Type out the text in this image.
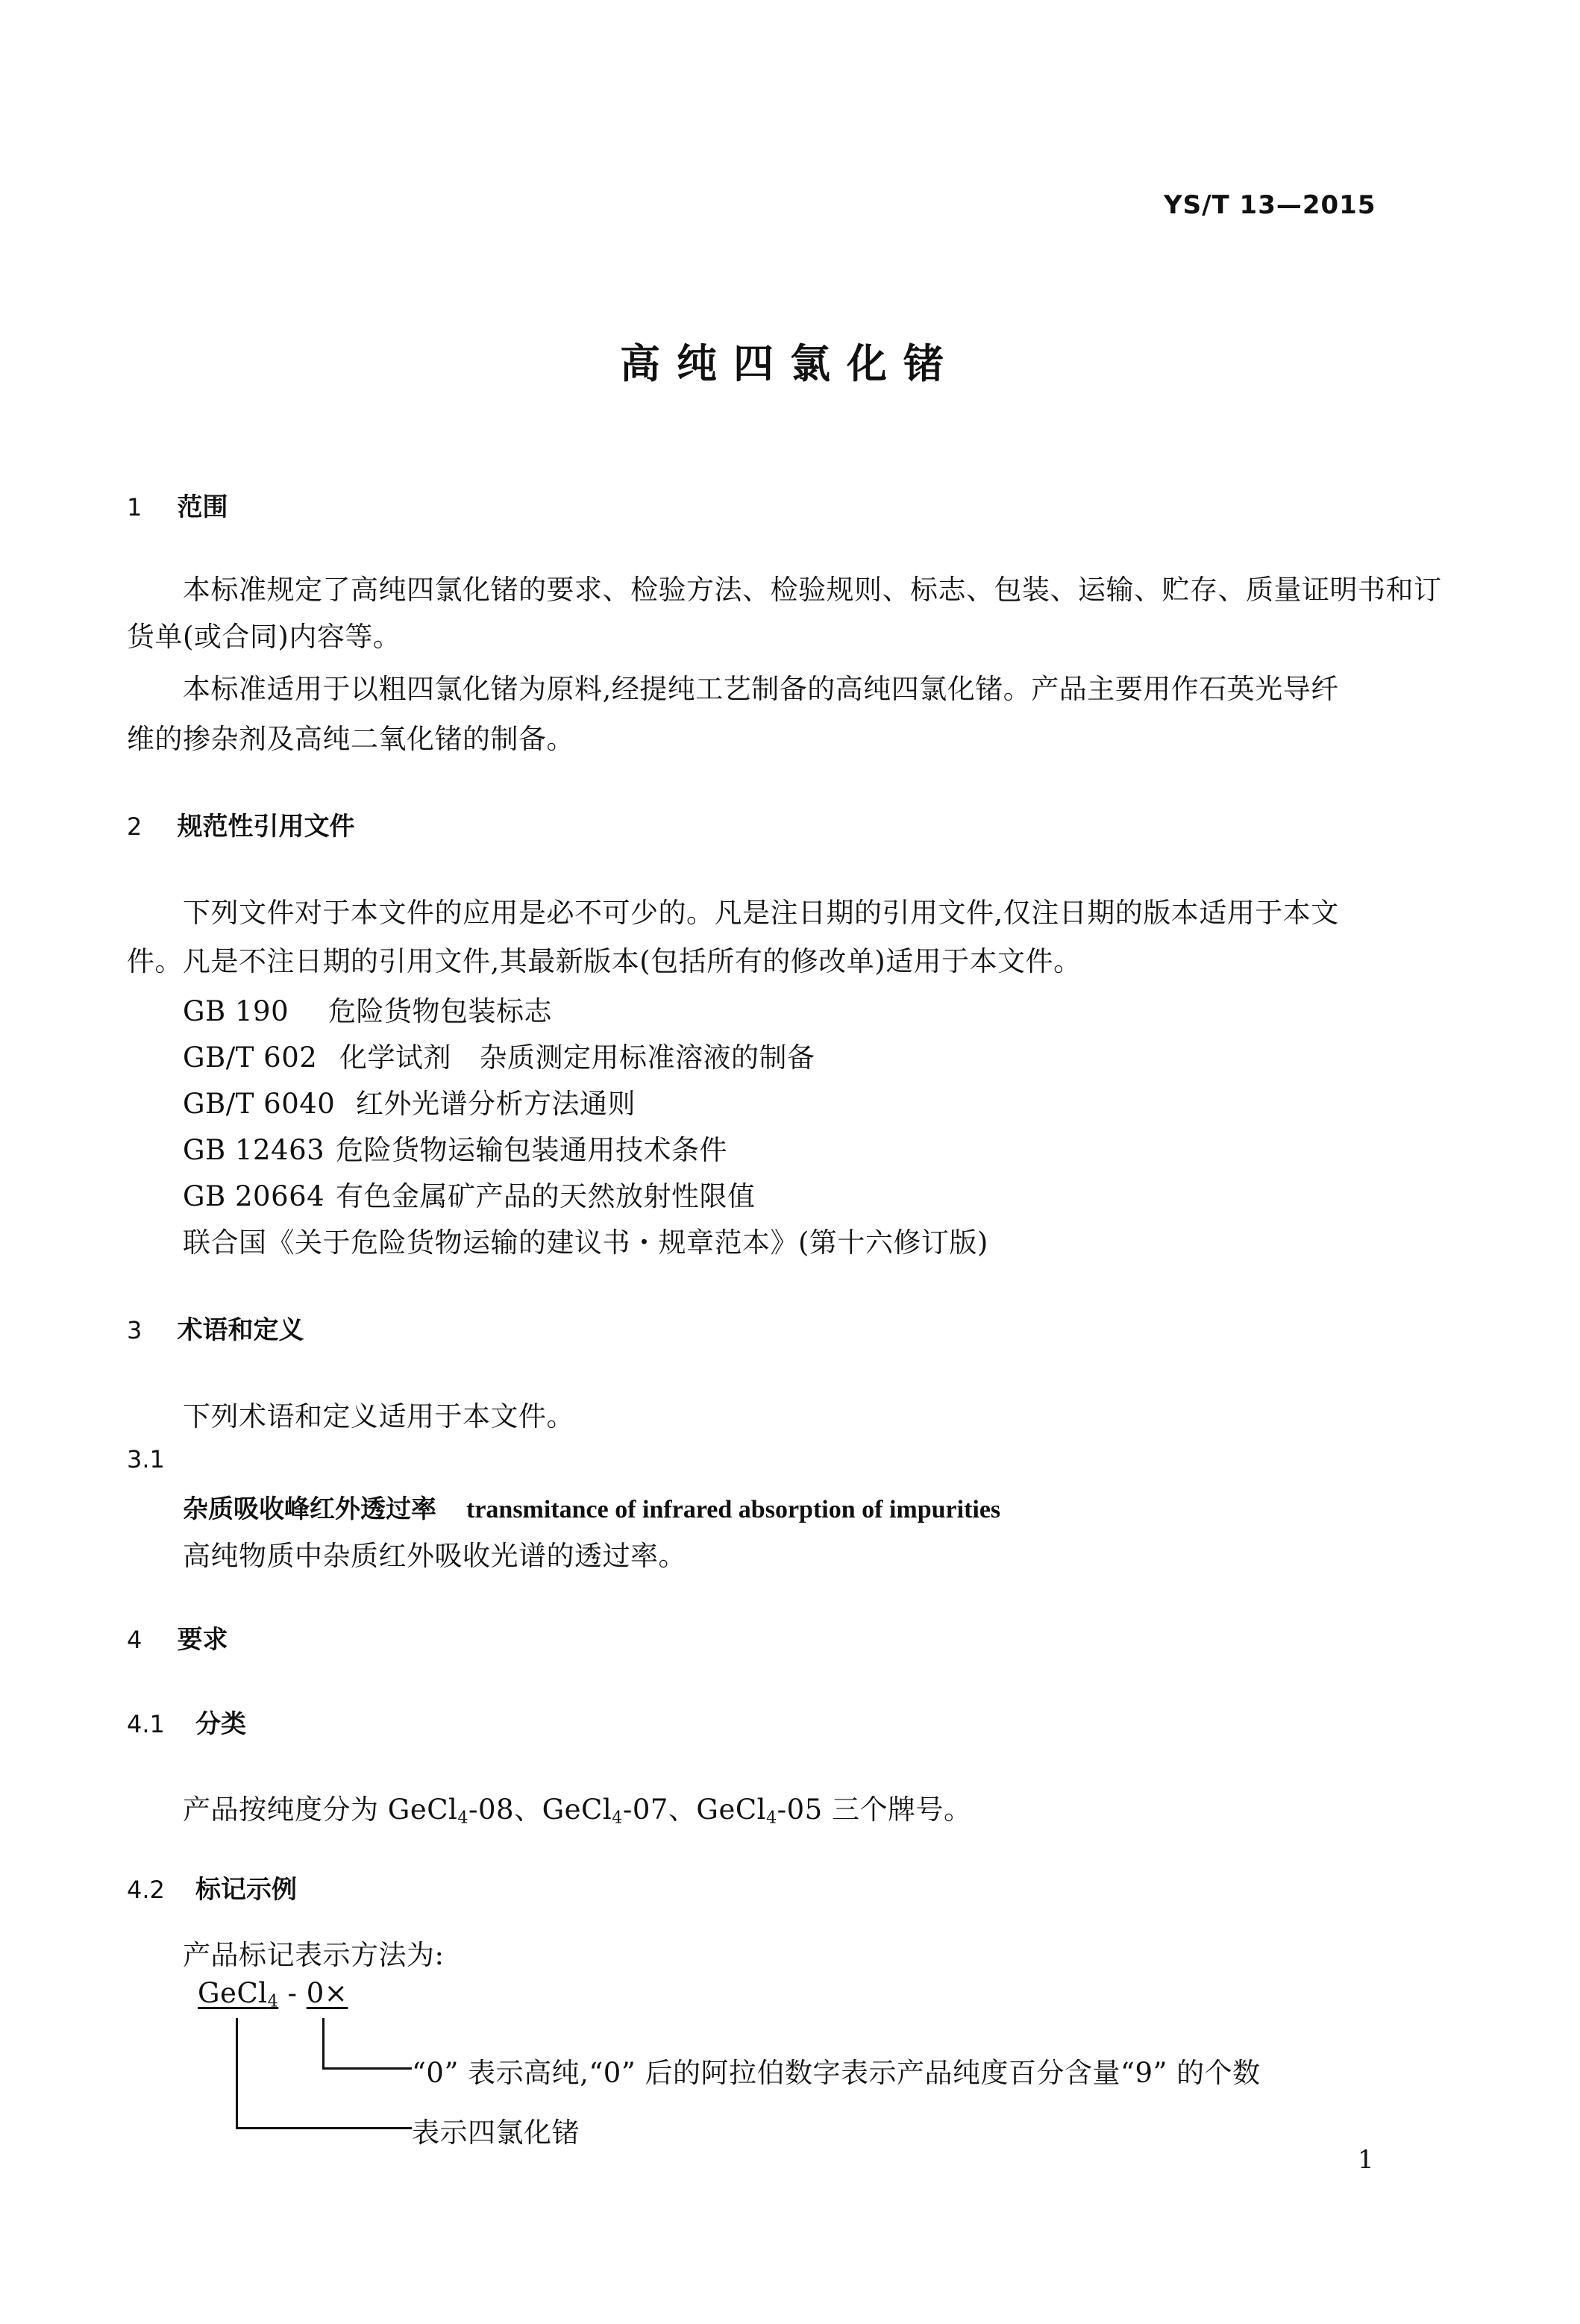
YS/T 13—2015
高纯四氯化锗
1 范围
本标准规定了高纯四氯化锗的要求、检验方法、检验规则、标志、包装、运输、贮存、质量证明书和订
货单(或合同)内容等。
本标准适用于以粗四氯化锗为原料,经提纯工艺制备的高纯四氯化锗。产品主要用作石英光导纤
维的掺杂剂及高纯二氧化锗的制备。
2 规范性引用文件
下列文件对于本文件的应用是必不可少的。凡是注日期的引用文件,仅注日期的版本适用于本文
件。凡是不注日期的引用文件,其最新版本(包括所有的修改单)适用于本文件。
GB 190 危险货物包装标志
GB/T 602 化学试剂　杂质测定用标准溶液的制备
GB/T 6040 红外光谱分析方法通则
GB 12463 危险货物运输包装通用技术条件
GB 20664 有色金属矿产品的天然放射性限值
联合国《关于危险货物运输的建议书・规章范本》(第十六修订版)
3 术语和定义
下列术语和定义适用于本文件。
3.1
杂质吸收峰红外透过率 transmitance of infrared absorption of impurities
高纯物质中杂质红外吸收光谱的透过率。
4 要求
4.1 分类
产品按纯度分为 GeCl$_4$-08、GeCl$_4$-07、GeCl$_4$-05 三个牌号。
4.2 标记示例
产品标记表示方法为:
GeCl$_4$ - 0×
“0” 表示高纯,“0” 后的阿拉伯数字表示产品纯度百分含量“9” 的个数
表示四氯化锗
1
